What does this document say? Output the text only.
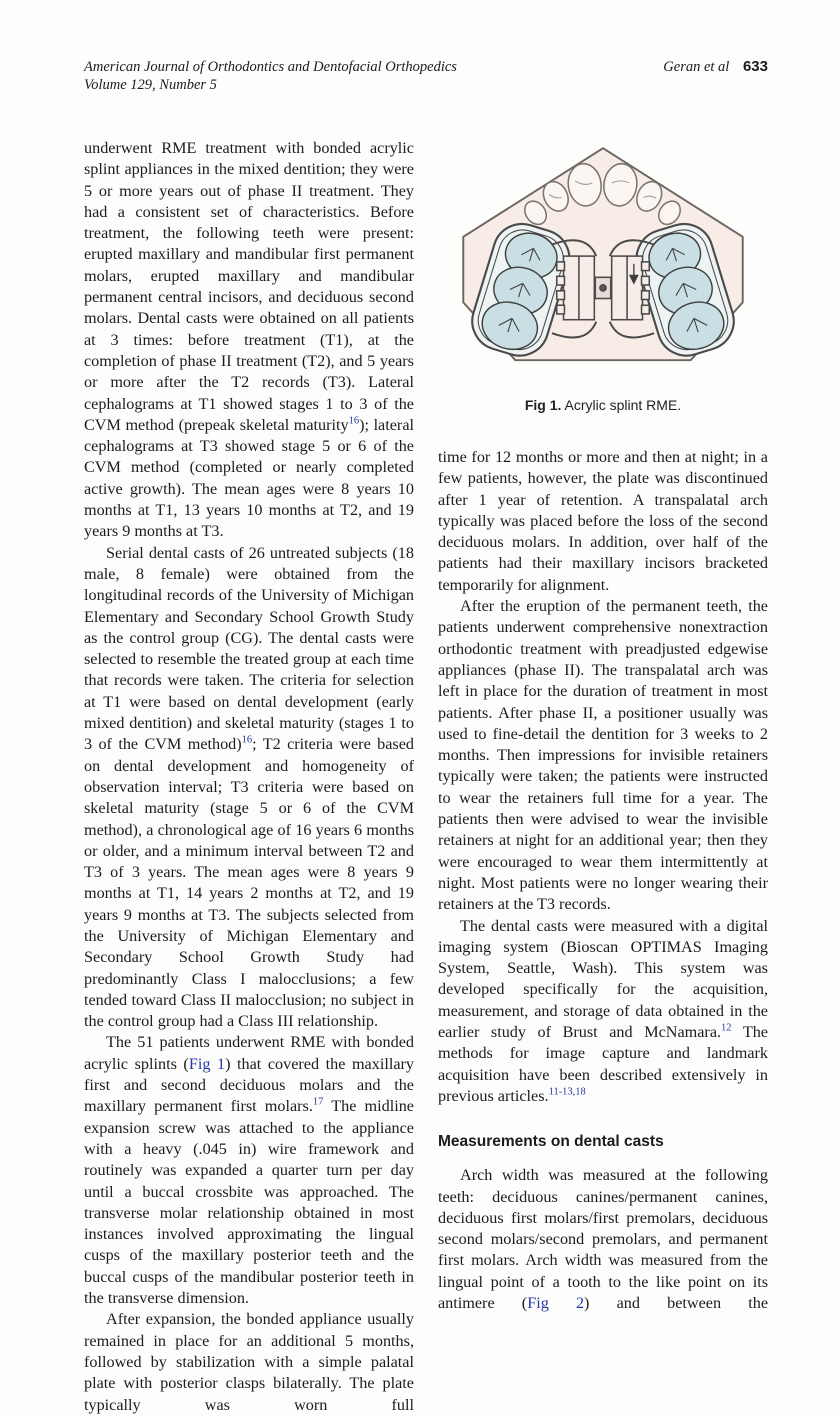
American Journal of Orthodontics and Dentofacial Orthopedics
Volume 129, Number 5
Geran et al 633

underwent RME treatment with bonded acrylic splint appliances in the mixed dentition; they were 5 or more years out of phase II treatment. They had a consistent set of characteristics. Before treatment, the following teeth were present: erupted maxillary and mandibular first permanent molars, erupted maxillary and mandibular permanent central incisors, and deciduous second molars. Dental casts were obtained on all patients at 3 times: before treatment (T1), at the completion of phase II treatment (T2), and 5 years or more after the T2 records (T3). Lateral cephalograms at T1 showed stages 1 to 3 of the CVM method (prepeak skeletal maturity$^{16}$); lateral cephalograms at T3 showed stage 5 or 6 of the CVM method (completed or nearly completed active growth). The mean ages were 8 years 10 months at T1, 13 years 10 months at T2, and 19 years 9 months at T3.

Serial dental casts of 26 untreated subjects (18 male, 8 female) were obtained from the longitudinal records of the University of Michigan Elementary and Secondary School Growth Study as the control group (CG). The dental casts were selected to resemble the treated group at each time that records were taken. The criteria for selection at T1 were based on dental development (early mixed dentition) and skeletal maturity (stages 1 to 3 of the CVM method)$^{16}$; T2 criteria were based on dental development and homogeneity of observation interval; T3 criteria were based on skeletal maturity (stage 5 or 6 of the CVM method), a chronological age of 16 years 6 months or older, and a minimum interval between T2 and T3 of 3 years. The mean ages were 8 years 9 months at T1, 14 years 2 months at T2, and 19 years 9 months at T3. The subjects selected from the University of Michigan Elementary and Secondary School Growth Study had predominantly Class I malocclusions; a few tended toward Class II malocclusion; no subject in the control group had a Class III relationship.

The 51 patients underwent RME with bonded acrylic splints (Fig 1) that covered the maxillary first and second deciduous molars and the maxillary permanent first molars.$^{17}$ The midline expansion screw was attached to the appliance with a heavy (.045 in) wire framework and routinely was expanded a quarter turn per day until a buccal crossbite was approached. The transverse molar relationship obtained in most instances involved approximating the lingual cusps of the maxillary posterior teeth and the buccal cusps of the mandibular posterior teeth in the transverse dimension.

After expansion, the bonded appliance usually remained in place for an additional 5 months, followed by stabilization with a simple palatal plate with posterior clasps bilaterally. The plate typically was worn full

Fig 1. Acrylic splint RME.

time for 12 months or more and then at night; in a few patients, however, the plate was discontinued after 1 year of retention. A transpalatal arch typically was placed before the loss of the second deciduous molars. In addition, over half of the patients had their maxillary incisors bracketed temporarily for alignment.

After the eruption of the permanent teeth, the patients underwent comprehensive nonextraction orthodontic treatment with preadjusted edgewise appliances (phase II). The transpalatal arch was left in place for the duration of treatment in most patients. After phase II, a positioner usually was used to fine-detail the dentition for 3 weeks to 2 months. Then impressions for invisible retainers typically were taken; the patients were instructed to wear the retainers full time for a year. The patients then were advised to wear the invisible retainers at night for an additional year; then they were encouraged to wear them intermittently at night. Most patients were no longer wearing their retainers at the T3 records.

The dental casts were measured with a digital imaging system (Bioscan OPTIMAS Imaging System, Seattle, Wash). This system was developed specifically for the acquisition, measurement, and storage of data obtained in the earlier study of Brust and McNamara.$^{12}$ The methods for image capture and landmark acquisition have been described extensively in previous articles.$^{11-13,18}$

Measurements on dental casts

Arch width was measured at the following teeth: deciduous canines/permanent canines, deciduous first molars/first premolars, deciduous second molars/second premolars, and permanent first molars. Arch width was measured from the lingual point of a tooth to the like point on its antimere (Fig 2) and between the
